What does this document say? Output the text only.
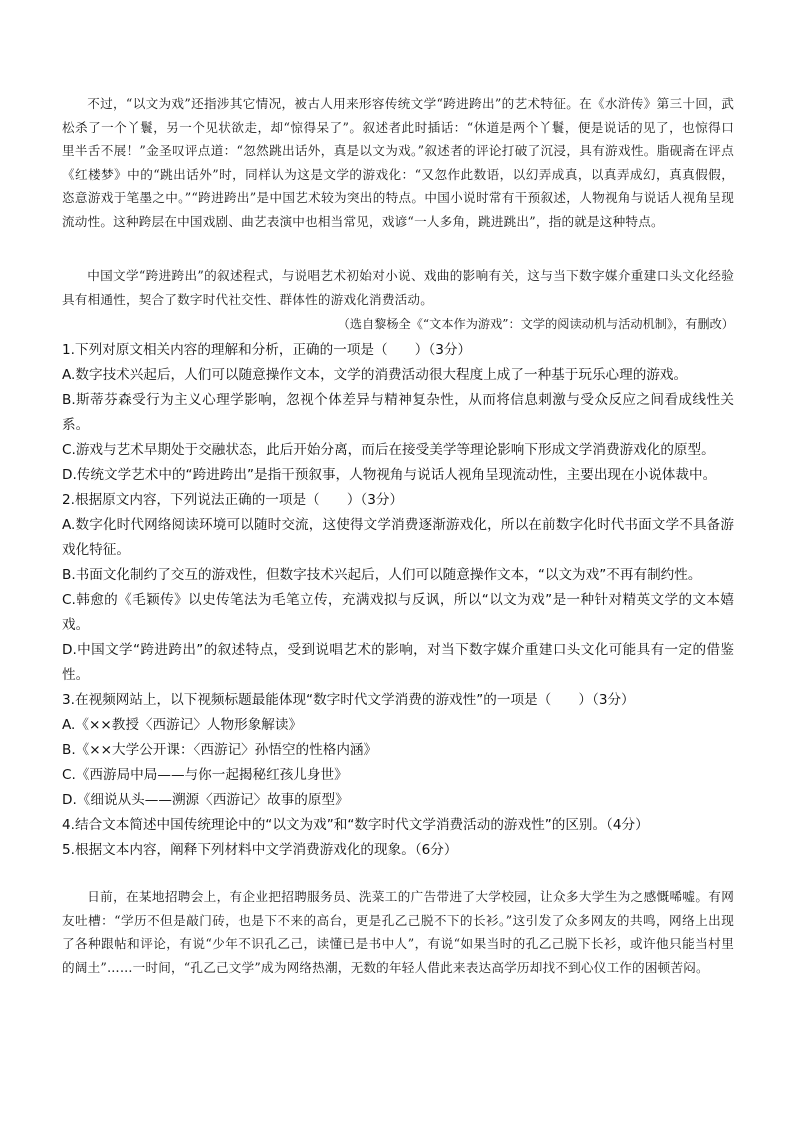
不过，“以文为戏”还指涉其它情况，被古人用来形容传统文学“跨进跨出”的艺术特征。在《水浒传》第三十回，武松杀了一个丫鬟，另一个见状欲走，却“惊得呆了”。叙述者此时插话：“休道是两个丫鬟，便是说话的见了，也惊得口里半舌不展！”金圣叹评点道：“忽然跳出话外，真是以文为戏。”叙述者的评论打破了沉浸，具有游戏性。脂砚斋在评点《红楼梦》中的“跳出话外”时，同样认为这是文学的游戏化：“又忽作此数语，以幻弄成真，以真弄成幻，真真假假，恣意游戏于笔墨之中。”“跨进跨出”是中国艺术较为突出的特点。中国小说时常有干预叙述，人物视角与说话人视角呈现流动性。这种跨层在中国戏剧、曲艺表演中也相当常见，戏谚“一人多角，跳进跳出”，指的就是这种特点。

中国文学“跨进跨出”的叙述程式，与说唱艺术初始对小说、戏曲的影响有关，这与当下数字媒介重建口头文化经验具有相通性，契合了数字时代社交性、群体性的游戏化消费活动。

（选自黎杨全《“文本作为游戏”：文学的阅读动机与活动机制》，有删改）

1.下列对原文相关内容的理解和分析，正确的一项是（　　）（3分）

A.数字技术兴起后，人们可以随意操作文本，文学的消费活动很大程度上成了一种基于玩乐心理的游戏。

B.斯蒂芬森受行为主义心理学影响，忽视个体差异与精神复杂性，从而将信息刺激与受众反应之间看成线性关系。

C.游戏与艺术早期处于交融状态，此后开始分离，而后在接受美学等理论影响下形成文学消费游戏化的原型。

D.传统文学艺术中的“跨进跨出”是指干预叙事，人物视角与说话人视角呈现流动性，主要出现在小说体裁中。

2.根据原文内容，下列说法正确的一项是（　　）（3分）

A.数字化时代网络阅读环境可以随时交流，这使得文学消费逐渐游戏化，所以在前数字化时代书面文学不具备游戏化特征。

B.书面文化制约了交互的游戏性，但数字技术兴起后，人们可以随意操作文本，“以文为戏”不再有制约性。

C.韩愈的《毛颖传》以史传笔法为毛笔立传，充满戏拟与反讽，所以“以文为戏”是一种针对精英文学的文本嬉戏。

D.中国文学“跨进跨出”的叙述特点，受到说唱艺术的影响，对当下数字媒介重建口头文化可能具有一定的借鉴性。

3.在视频网站上，以下视频标题最能体现“数字时代文学消费的游戏性”的一项是（　　）（3分）

A.《××教授〈西游记〉人物形象解读》

B.《××大学公开课：〈西游记〉孙悟空的性格内涵》

C.《西游局中局——与你一起揭秘红孩儿身世》

D.《细说从头——溯源〈西游记〉故事的原型》

4.结合文本简述中国传统理论中的“以文为戏”和“数字时代文学消费活动的游戏性”的区别。（4分）

5.根据文本内容，阐释下列材料中文学消费游戏化的现象。（6分）

日前，在某地招聘会上，有企业把招聘服务员、洗菜工的广告带进了大学校园，让众多大学生为之感慨唏嘘。有网友吐槽：“学历不但是敲门砖，也是下不来的高台，更是孔乙己脱不下的长衫。”这引发了众多网友的共鸣，网络上出现了各种跟帖和评论，有说“少年不识孔乙己，读懂已是书中人”，有说“如果当时的孔乙己脱下长衫，或许他只能当村里的阔土”……一时间，“孔乙己文学”成为网络热潮，无数的年轻人借此来表达高学历却找不到心仪工作的困顿苦闷。
